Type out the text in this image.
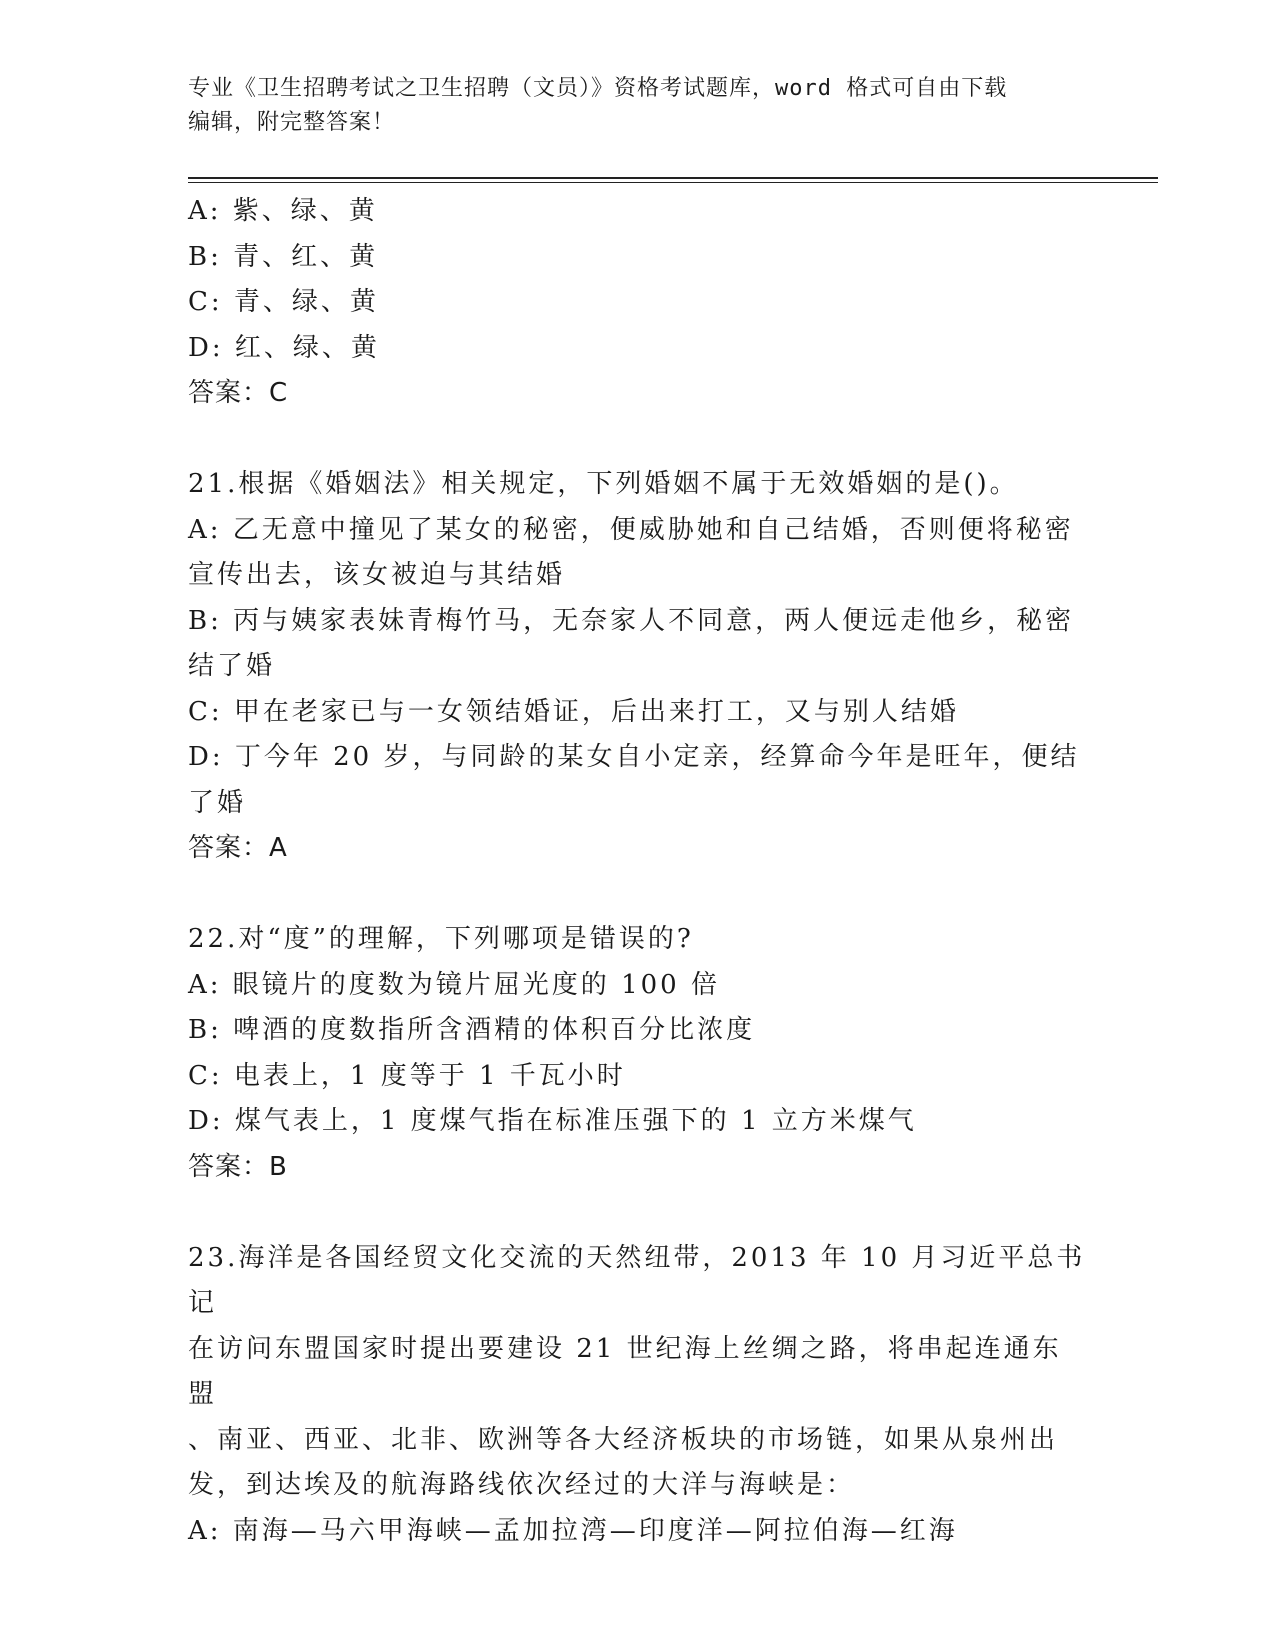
专业《卫生招聘考试之卫生招聘（文员）》资格考试题库，word 格式可自由下载
编辑，附完整答案！
A: 紫、绿、黄
B: 青、红、黄
C: 青、绿、黄
D: 红、绿、黄
答案：C
21.根据《婚姻法》相关规定，下列婚姻不属于无效婚姻的是()。
A: 乙无意中撞见了某女的秘密，便威胁她和自己结婚，否则便将秘密
宣传出去，该女被迫与其结婚
B: 丙与姨家表妹青梅竹马，无奈家人不同意，两人便远走他乡，秘密
结了婚
C: 甲在老家已与一女领结婚证，后出来打工，又与别人结婚
D: 丁今年 20 岁，与同龄的某女自小定亲，经算命今年是旺年，便结
了婚
答案：A
22.对“度”的理解，下列哪项是错误的?
A: 眼镜片的度数为镜片屈光度的 100 倍
B: 啤酒的度数指所含酒精的体积百分比浓度
C: 电表上，1 度等于 1 千瓦小时
D: 煤气表上，1 度煤气指在标准压强下的 1 立方米煤气
答案：B
23.海洋是各国经贸文化交流的天然纽带，2013 年 10 月习近平总书记
在访问东盟国家时提出要建设 21 世纪海上丝绸之路，将串起连通东盟
、南亚、西亚、北非、欧洲等各大经济板块的市场链，如果从泉州出
发，到达埃及的航海路线依次经过的大洋与海峡是：
A: 南海—马六甲海峡—孟加拉湾—印度洋—阿拉伯海—红海
